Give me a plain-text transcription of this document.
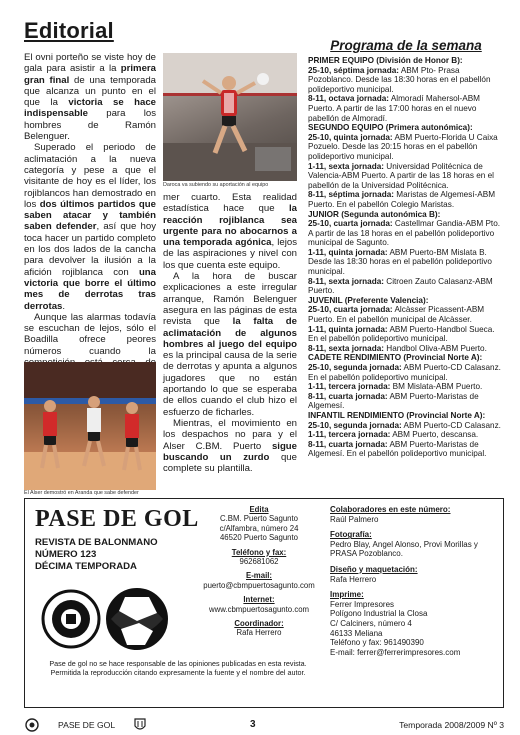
Editorial

El ovni porteño se viste hoy de gala para asistir a la primera gran final de una temporada que alcanza un punto en el que la victoria se hace indispensable para los hombres de Ramón Belenguer.

Superado el periodo de aclimatación a la nueva categoría y pese a que el visitante de hoy es el líder, los rojiblancos han demostrado en los dos últimos partidos que saben atacar y también saben defender, así que hoy toca hacer un partido completo en los dos lados de la cancha para devolver la ilusión a la afición rojiblanca con una victoria que borre el último mes de derrotas tras derrotas.

Aunque las alarmas todavía se escuchan de lejos, sólo el Boadilla ofrece peores números cuando la

Daroca va subiendo su aportación al equipo

mer cuarto. Esta realidad estadística hace que la reacción rojiblanca sea urgente para no abocarnos a una temporada agónica, lejos de las aspiraciones y nivel con los que cuenta este equipo.

A la hora de buscar explicaciones a este irregular arranque, Ramón Belenguer asegura en las páginas de esta revista que la falta de aclimatación de algunos hombres al juego del equipo es la principal causa de la serie de derrotas y apunta a algunos jugadores que no están aportando lo que se esperaba de ellos cuando el club hizo el esfuerzo de ficharles.

Mientras, el movimiento en los despachos no para y el Alser C.BM. Puerto sigue buscando un zurdo que complete su plantilla.

El Alser demostró en Aranda que sabe defender
Programa de la semana
PRIMER EQUIPO (División de Honor B):
25-10, séptima jornada: ABM Pto- Prasa Pozoblanco. Desde las 18:30 horas en el pabellón polideportivo municipal.
8-11, octava jornada: Almoradí Mahersol-ABM Puerto. A partir de las 17:00 horas en el nuevo pabellón de Almoradí.
SEGUNDO EQUIPO (Primera autonómica):
25-10, quinta jornada: ABM Puerto-Florida U Caixa Pozuelo. Desde las 20:15 horas en el pabellón polideportivo municipal.
1-11, sexta jornada: Universidad Politécnica de Valencia-ABM Puerto. A partir de las 18 horas en el pabellón de la Universidad Politécnica.
8-11, séptima jornada: Maristas de Algemesí-ABM Puerto. En el pabellón Colegio Maristas.
JUNIOR (Segunda autonómica B):
25-10, cuarta jornada: Castellmar Gandia-ABM Pto. A partir de las 18 horas en el pabellón polideportivo municipal de Sagunto.
1-11, quinta jornada: ABM Puerto-BM Mislata B. Desde las 18:30 horas en el pabellón polideportivo municipal.
8-11, sexta jornada: Citroen Zauto Calasanz-ABM Puerto.
JUVENIL (Preferente Valencia):
25-10, cuarta jornada: Alcàsser Picassent-ABM Puerto. En el pabellón municipal de Alcàsser.
1-11, quinta jornada: ABM Puerto-Handbol Sueca. En el pabellón polideportivo municipal.
8-11, sexta jornada: Handbol Oliva-ABM Puerto.
CADETE RENDIMIENTO (Provincial Norte A):
25-10, segunda jornada: ABM Puerto-CD Calasanz. En el pabellón polideportivo municipal.
1-11, tercera jornada: BM Mislata-ABM Puerto.
8-11, cuarta jornada: ABM Puerto-Maristas de Algemesí.
INFANTIL RENDIMIENTO (Provincial Norte A):
25-10, segunda jornada: ABM Puerto-CD Calasanz.
1-11, tercera jornada: ABM Puerto, descansa.
8-11, cuarta jornada: ABM Puerto-Maristas de Algemesí. En el pabellón polideportivo municipal.
PASE DE GOL
REVISTA DE BALONMANO
NÚMERO 123
DÉCIMA TEMPORADA
Edita
C.BM. Puerto Sagunto
c/Alfambra, número 24
46520 Puerto Sagunto
Teléfono y fax:
962681062
E-mail:
puerto@cbmpuertosagunto.com
Internet:
www.cbmpuertosagunto.com
Coordinador:
Rafa Herrero
Colaboradores en este número:
Raúl Palmero
Fotografía:
Pedro Blay, Angel Alonso, Provi Morillas y PRASA Pozoblanco.
Diseño y maquetación:
Rafa Herrero
Imprime:
Ferrer Impresores
Polígono Industrial la Closa
C/ Calciners, número 4
46133 Meliana
Teléfono y fax: 961490390
E-mail: ferrer@ferrerimpresores.com
Pase de gol no se hace responsable de las opiniones publicadas en esta revista.
Permitida la reproducción citando expresamente la fuente y el nombre del autor.
PASE DE GOL	3	Temporada 2008/2009 Nº 3
